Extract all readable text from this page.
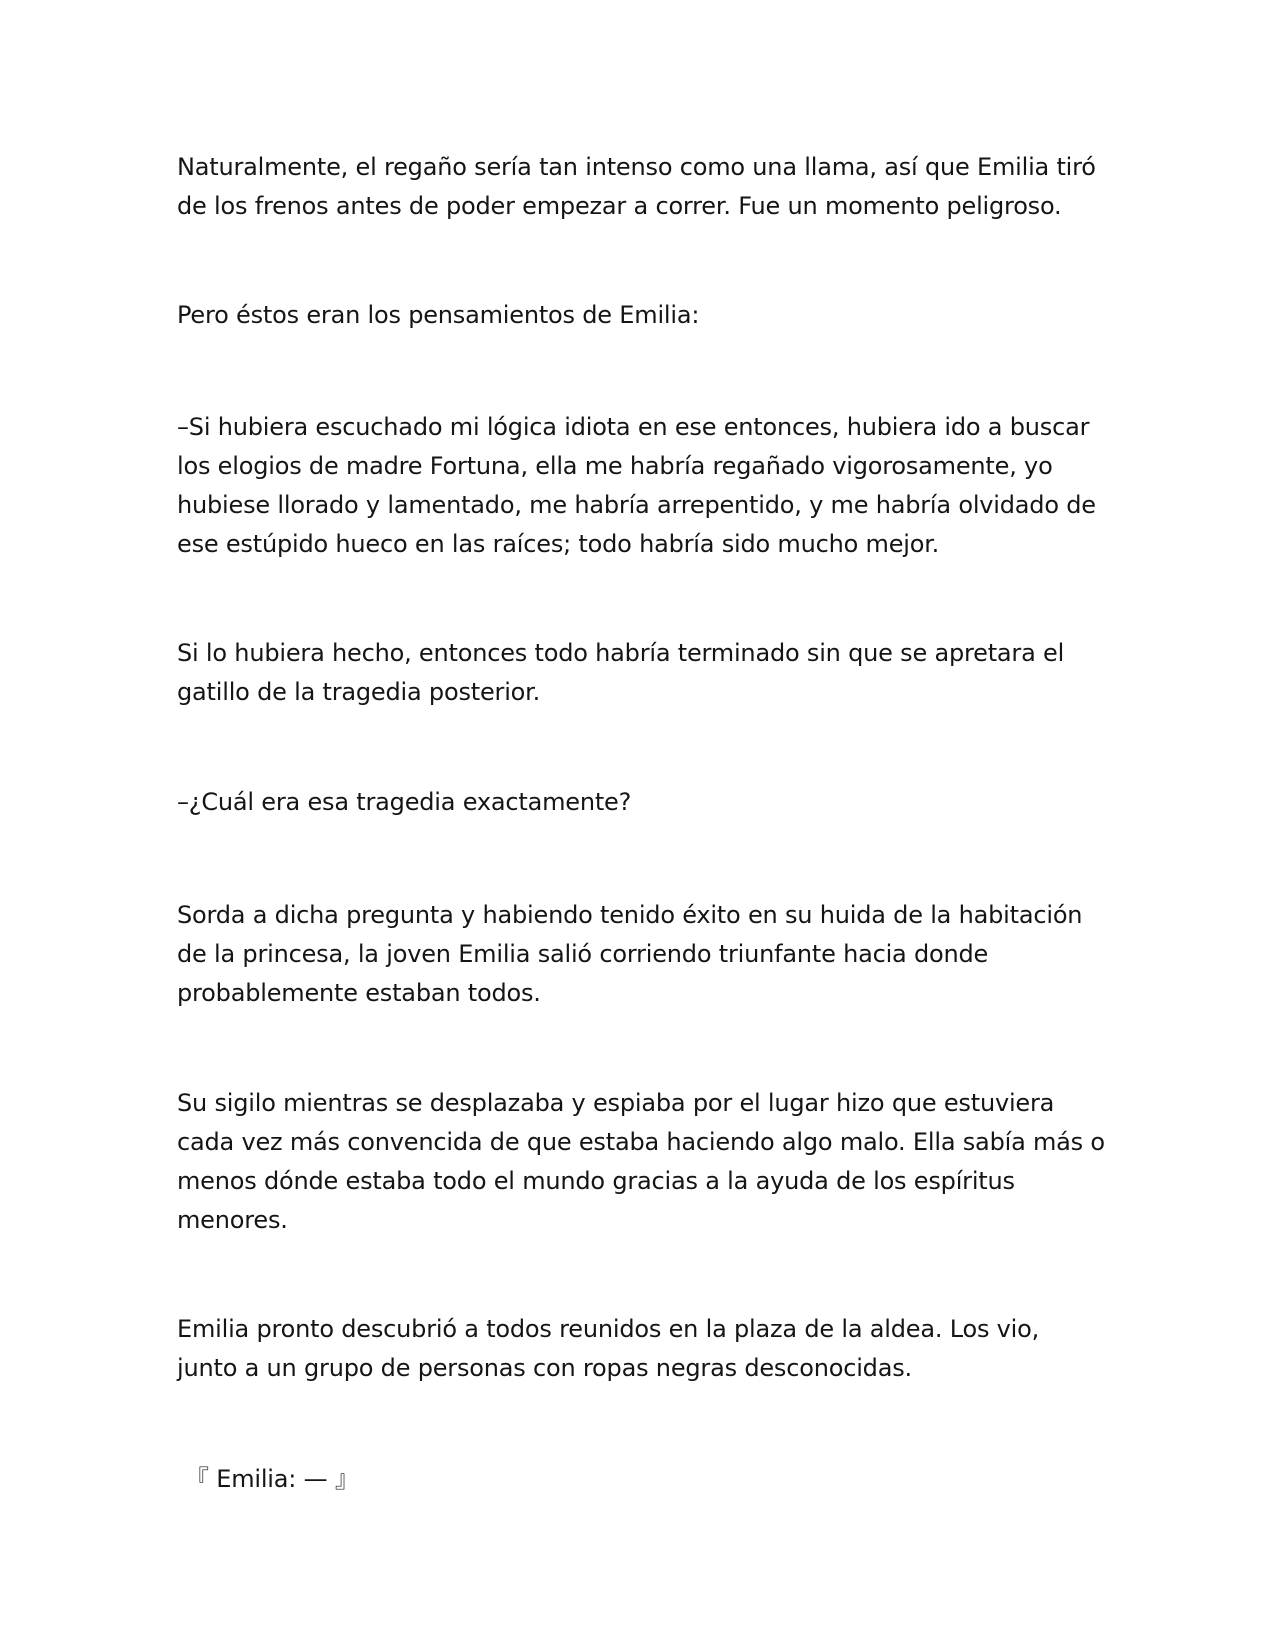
Naturalmente, el regaño sería tan intenso como una llama, así que Emilia tiró
de los frenos antes de poder empezar a correr. Fue un momento peligroso.

Pero éstos eran los pensamientos de Emilia:

–Si hubiera escuchado mi lógica idiota en ese entonces, hubiera ido a buscar
los elogios de madre Fortuna, ella me habría regañado vigorosamente, yo
hubiese llorado y lamentado, me habría arrepentido, y me habría olvidado de
ese estúpido hueco en las raíces; todo habría sido mucho mejor.

Si lo hubiera hecho, entonces todo habría terminado sin que se apretara el
gatillo de la tragedia posterior.

–¿Cuál era esa tragedia exactamente?

Sorda a dicha pregunta y habiendo tenido éxito en su huida de la habitación
de la princesa, la joven Emilia salió corriendo triunfante hacia donde
probablemente estaban todos.

Su sigilo mientras se desplazaba y espiaba por el lugar hizo que estuviera
cada vez más convencida de que estaba haciendo algo malo. Ella sabía más o
menos dónde estaba todo el mundo gracias a la ayuda de los espíritus
menores.

Emilia pronto descubrió a todos reunidos en la plaza de la aldea. Los vio,
junto a un grupo de personas con ropas negras desconocidas.

『 Emilia: — 』
